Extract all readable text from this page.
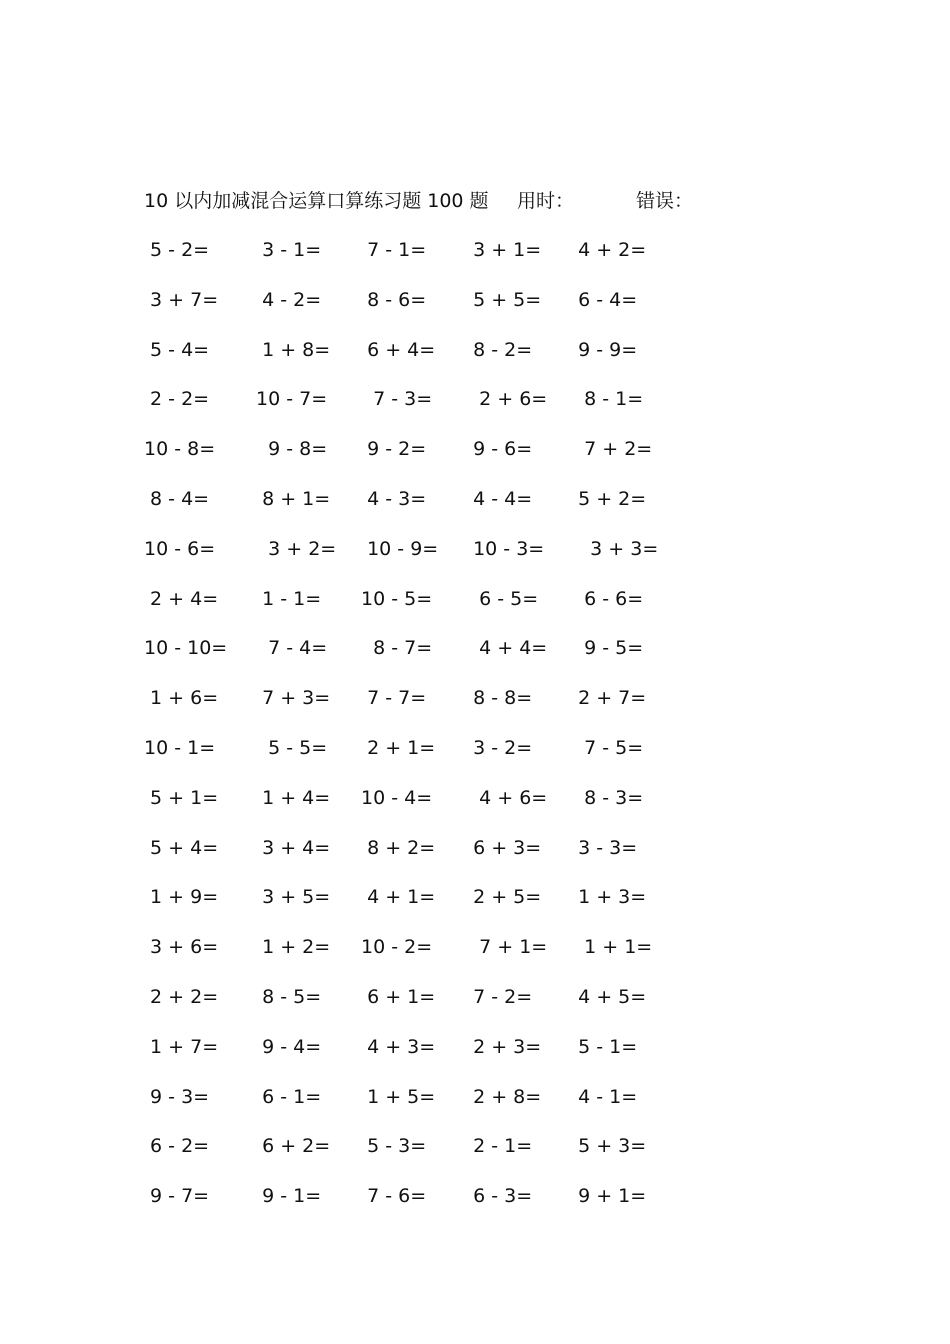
10 以内加减混合运算口算练习题 100 题 用时：	错误：
5 - 2=	3 - 1=	7 - 1=	3 + 1=	4 + 2=
3 + 7=	4 - 2=	8 - 6=	5 + 5=	6 - 4=
5 - 4=	1 + 8=	6 + 4=	8 - 2=	9 - 9=
2 - 2=	10 - 7=	7 - 3=	2 + 6= 8 - 1=
10 - 8=	9 - 8=	9 - 2=	9 - 6=	7 + 2=
8 - 4=	8 + 1=	4 - 3=	4 - 4=	5 + 2=
10 - 6=	3 + 2= 10 - 9=	10 - 3=	3 + 3=
2 + 4=	1 - 1=	10 - 5=	6 - 5=	6 - 6=
10 - 10=	7 - 4=	8 - 7=	4 + 4= 9 - 5=
1 + 6=	7 + 3=	7 - 7=	8 - 8=	2 + 7=
10 - 1=	5 - 5=	2 + 1=	3 - 2=	7 - 5=
5 + 1=	1 + 4=	10 - 4=	4 + 6= 8 - 3=
5 + 4=	3 + 4=	8 + 2=	6 + 3=	3 - 3=
1 + 9=	3 + 5=	4 + 1=	2 + 5=	1 + 3=
3 + 6=	1 + 2=	10 - 2=	7 + 1= 1 + 1=
2 + 2=	8 - 5=	6 + 1=	7 - 2=	4 + 5=
1 + 7=	9 - 4=	4 + 3=	2 + 3=	5 - 1=
9 - 3=	6 - 1=	1 + 5=	2 + 8=	4 - 1=
6 - 2=	6 + 2=	5 - 3=	2 - 1=	5 + 3=
9 - 7=	9 - 1=	7 - 6=	6 - 3=	9 + 1=
